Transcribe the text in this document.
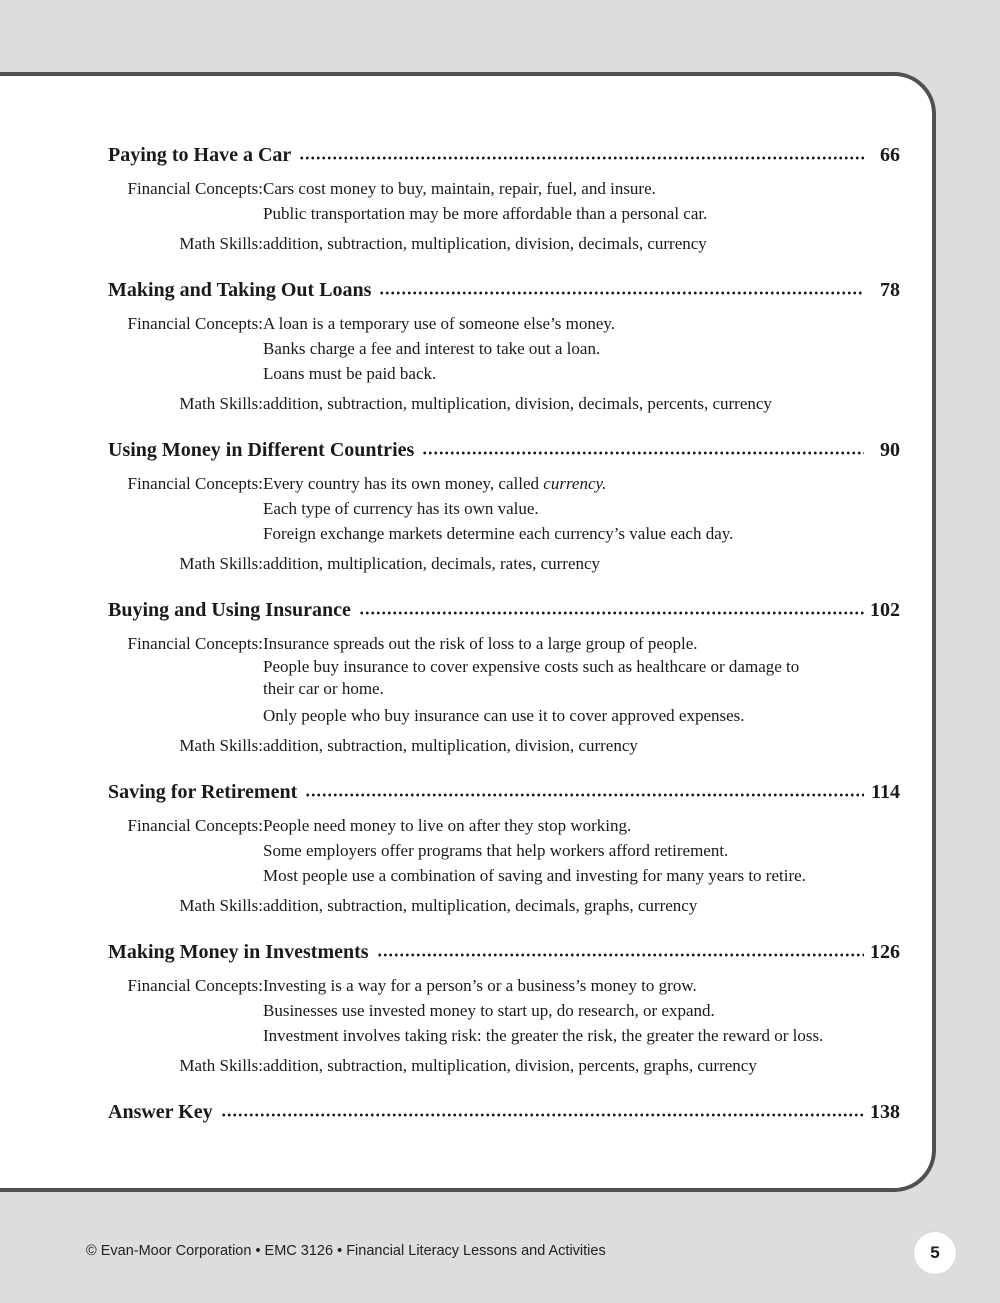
Paying to Have a Car	66
Financial Concepts: Cars cost money to buy, maintain, repair, fuel, and insure.
Public transportation may be more affordable than a personal car.
Math Skills: addition, subtraction, multiplication, division, decimals, currency
Making and Taking Out Loans	78
Financial Concepts: A loan is a temporary use of someone else’s money.
Banks charge a fee and interest to take out a loan.
Loans must be paid back.
Math Skills: addition, subtraction, multiplication, division, decimals, percents, currency
Using Money in Different Countries	90
Financial Concepts: Every country has its own money, called currency.
Each type of currency has its own value.
Foreign exchange markets determine each currency’s value each day.
Math Skills: addition, multiplication, decimals, rates, currency
Buying and Using Insurance	102
Financial Concepts: Insurance spreads out the risk of loss to a large group of people.
People buy insurance to cover expensive costs such as healthcare or damage to their car or home.
Only people who buy insurance can use it to cover approved expenses.
Math Skills: addition, subtraction, multiplication, division, currency
Saving for Retirement	114
Financial Concepts: People need money to live on after they stop working.
Some employers offer programs that help workers afford retirement.
Most people use a combination of saving and investing for many years to retire.
Math Skills: addition, subtraction, multiplication, decimals, graphs, currency
Making Money in Investments	126
Financial Concepts: Investing is a way for a person’s or a business’s money to grow.
Businesses use invested money to start up, do research, or expand.
Investment involves taking risk: the greater the risk, the greater the reward or loss.
Math Skills: addition, subtraction, multiplication, division, percents, graphs, currency
Answer Key	138
© Evan-Moor Corporation • EMC 3126 • Financial Literacy Lessons and Activities	5
